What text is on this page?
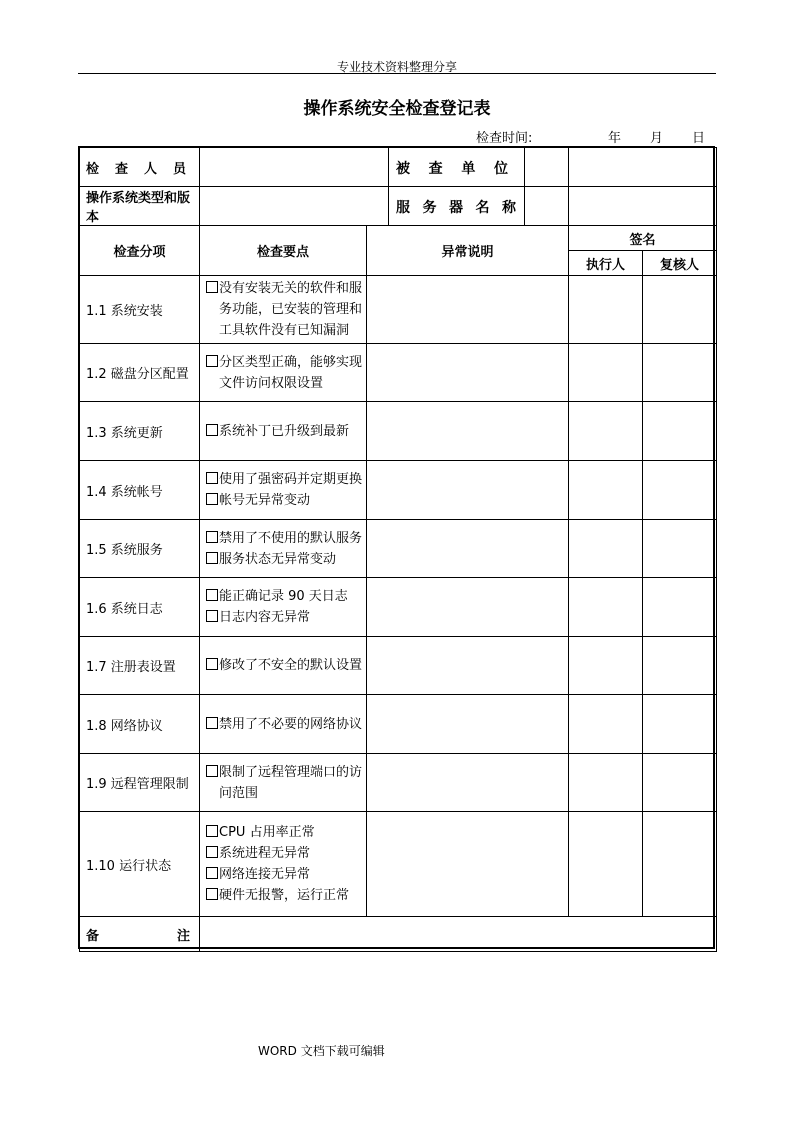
专业技术资料整理分享
操作系统安全检查登记表
检查时间:	年 月 日
检 查 人 员	被 查 单 位			

操作系统类型和版本	服 务 器 名 称			

检查分项	检查要点	异常说明	签名	
			执行人	复核人
1.1 系统安装	没有安装无关的软件和服
务功能，已安装的管理和
工具软件没有已知漏洞			

1.2 磁盘分区配置	分区类型正确，能够实现
文件访问权限设置			

1.3 系统更新	系统补丁已升级到最新			

1.4 系统帐号	使用了强密码并定期更换
帐号无异常变动			

1.5 系统服务	禁用了不使用的默认服务
服务状态无异常变动			

1.6 系统日志	能正确记录 90 天日志
日志内容无异常			

1.7 注册表设置	修改了不安全的默认设置			

1.8 网络协议	禁用了不必要的网络协议			

1.9 远程管理限制	限制了远程管理端口的访
问范围			

1.10 运行状态	CPU 占用率正常
系统进程无异常
网络连接无异常
硬件无报警，运行正常			

备 注				

WORD 文档下载可编辑
